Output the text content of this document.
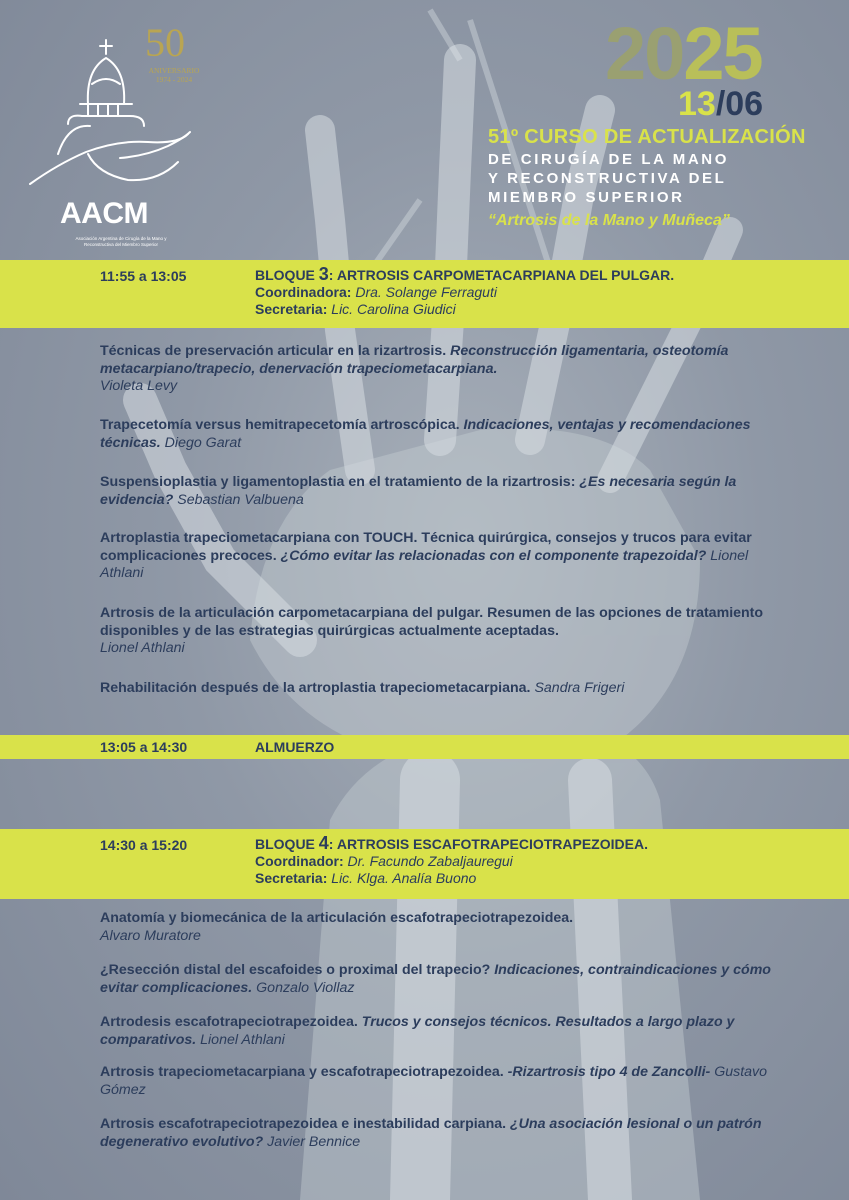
50
ANIVERSARIO
1974 - 2024
AACM
Asociación Argentina de Cirugía de la Mano y Reconstructiva del Miembro Superior
2025
13/06
51º CURSO DE ACTUALIZACIÓN
DE CIRUGÍA DE LA MANO
Y RECONSTRUCTIVA DEL
MIEMBRO SUPERIOR
“Artrosis de la Mano y Muñeca”
11:55 a 13:05	BLOQUE 3: ARTROSIS CARPOMETACARPIANA DEL PULGAR.
Coordinadora: Dra. Solange Ferraguti
Secretaria: Lic. Carolina Giudici
Técnicas de preservación articular en la rizartrosis. Reconstrucción ligamentaria, osteotomía metacarpiano/trapecio, denervación trapeciometacarpiana.
Violeta Levy
Trapecetomía versus hemitrapecetomía artroscópica. Indicaciones, ventajas y recomendaciones técnicas. Diego Garat
Suspensioplastia y ligamentoplastia en el tratamiento de la rizartrosis: ¿Es necesaria según la evidencia? Sebastian Valbuena
Artroplastia trapeciometacarpiana con TOUCH. Técnica quirúrgica, consejos y trucos para evitar complicaciones precoces. ¿Cómo evitar las relacionadas con el componente trapezoidal? Lionel Athlani
Artrosis de la articulación carpometacarpiana del pulgar. Resumen de las opciones de tratamiento disponibles y de las estrategias quirúrgicas actualmente aceptadas.
Lionel Athlani
Rehabilitación después de la artroplastia trapeciometacarpiana. Sandra Frigeri
13:05 a 14:30	ALMUERZO
14:30 a 15:20	BLOQUE 4: ARTROSIS ESCAFOTRAPECIOTRAPEZOIDEA.
Coordinador: Dr. Facundo Zabaljauregui
Secretaria: Lic. Klga. Analía Buono
Anatomía y biomecánica de la articulación escafotrapeciotrapezoidea.
Alvaro Muratore
¿Resección distal del escafoides o proximal del trapecio? Indicaciones, contraindicaciones y cómo evitar complicaciones. Gonzalo Viollaz
Artrodesis escafotrapeciotrapezoidea. Trucos y consejos técnicos. Resultados a largo plazo y comparativos. Lionel Athlani
Artrosis trapeciometacarpiana y escafotrapeciotrapezoidea. -Rizartrosis tipo 4 de Zancolli- Gustavo Gómez
Artrosis escafotrapeciotrapezoidea e inestabilidad carpiana. ¿Una asociación lesional o un patrón degenerativo evolutivo? Javier Bennice
